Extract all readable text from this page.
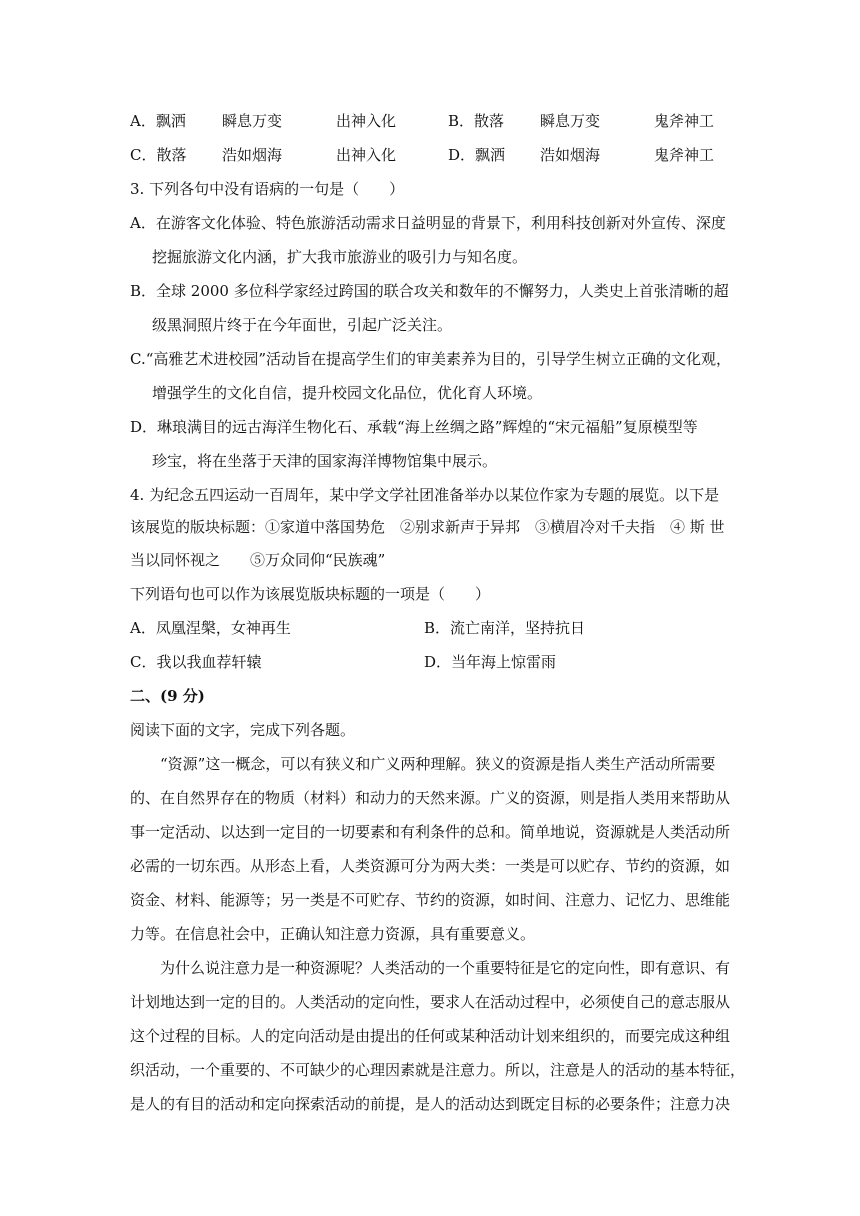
A．飘洒 瞬息万变	出神入化	B．散落 瞬息万变	鬼斧神工
C．散落 浩如烟海	出神入化	D．飘洒 浩如烟海	鬼斧神工
3. 下列各句中没有语病的一句是（　　）
A．在游客文化体验、特色旅游活动需求日益明显的背景下，利用科技创新对外宣传、深度
挖掘旅游文化内涵，扩大我市旅游业的吸引力与知名度。
B．全球 2000 多位科学家经过跨国的联合攻关和数年的不懈努力，人类史上首张清晰的超
级黑洞照片终于在今年面世，引起广泛关注。
C.“高雅艺术进校园”活动旨在提高学生们的审美素养为目的，引导学生树立正确的文化观，
增强学生的文化自信，提升校园文化品位，优化育人环境。
D．琳琅满目的远古海洋生物化石、承载“海上丝绸之路”辉煌的“宋元福船”复原模型等
珍宝，将在坐落于天津的国家海洋博物馆集中展示。
4. 为纪念五四运动一百周年，某中学文学社团准备举办以某位作家为专题的展览。以下是
该展览的版块标题：①家道中落国势危　②别求新声于异邦　③横眉冷对千夫指　④ 斯 世
当以同怀视之　　⑤万众同仰“民族魂”
下列语句也可以作为该展览版块标题的一项是（　　）
A．凤凰涅槃，女神再生	B．流亡南洋，坚持抗日
C．我以我血荐轩辕	D．当年海上惊雷雨
二、(9 分)
阅读下面的文字，完成下列各题。
“资源”这一概念，可以有狭义和广义两种理解。狭义的资源是指人类生产活动所需要
的、在自然界存在的物质（材料）和动力的天然来源。广义的资源，则是指人类用来帮助从
事一定活动、以达到一定目的一切要素和有利条件的总和。简单地说，资源就是人类活动所
必需的一切东西。从形态上看，人类资源可分为两大类：一类是可以贮存、节约的资源，如
资金、材料、能源等；另一类是不可贮存、节约的资源，如时间、注意力、记忆力、思维能
力等。在信息社会中，正确认知注意力资源，具有重要意义。
为什么说注意力是一种资源呢？人类活动的一个重要特征是它的定向性，即有意识、有
计划地达到一定的目的。人类活动的定向性，要求人在活动过程中，必须使自己的意志服从
这个过程的目标。人的定向活动是由提出的任何或某种活动计划来组织的，而要完成这种组
织活动，一个重要的、不可缺少的心理因素就是注意力。所以，注意是人的活动的基本特征，
是人的有目的活动和定向探索活动的前提，是人的活动达到既定目标的必要条件；注意力决
